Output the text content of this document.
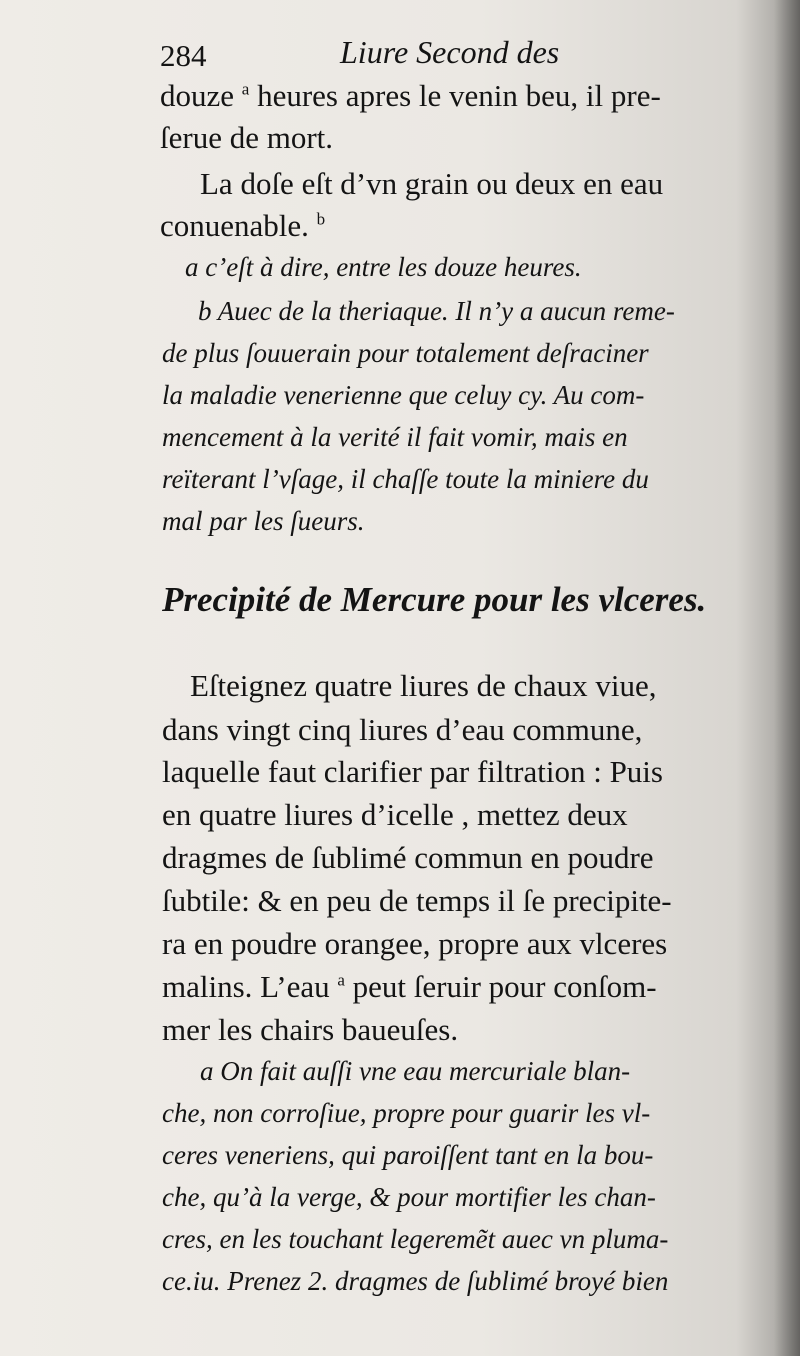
284	Liure Second des
douze $^a$ heures apres le venin beu, il pre-
ſerue de mort.
La doſe eſt d’vn grain ou deux en eau
conuenable. $^b$
a c’eſt à dire, entre les douze heures.
b Auec de la theriaque. Il n’y a aucun reme-
de plus ſouuerain pour totalement deſraciner
la maladie venerienne que celuy cy. Au com-
mencement à la verité il fait vomir, mais en
reïterant l’vſage, il chaſſe toute la miniere du
mal par les ſueurs.
Precipité de Mercure pour les vlceres.
Eſteignez quatre liures de chaux viue,
dans vingt cinq liures d’eau commune,
laquelle faut clarifier par filtration : Puis
en quatre liures d’icelle , mettez deux
dragmes de ſublimé commun en poudre
ſubtile: & en peu de temps il ſe precipite-
ra en poudre orangee, propre aux vlceres
malins. L’eau $^a$ peut ſeruir pour conſom-
mer les chairs baueuſes.
a On fait auſſi vne eau mercuriale blan-
che, non corroſiue, propre pour guarir les vl-
ceres veneriens, qui paroiſſent tant en la bou-
che, qu’à la verge, & pour mortifier les chan-
cres, en les touchant legeremẽt auec vn pluma-
ce.iu. Prenez 2. dragmes de ſublimé broyé bien
